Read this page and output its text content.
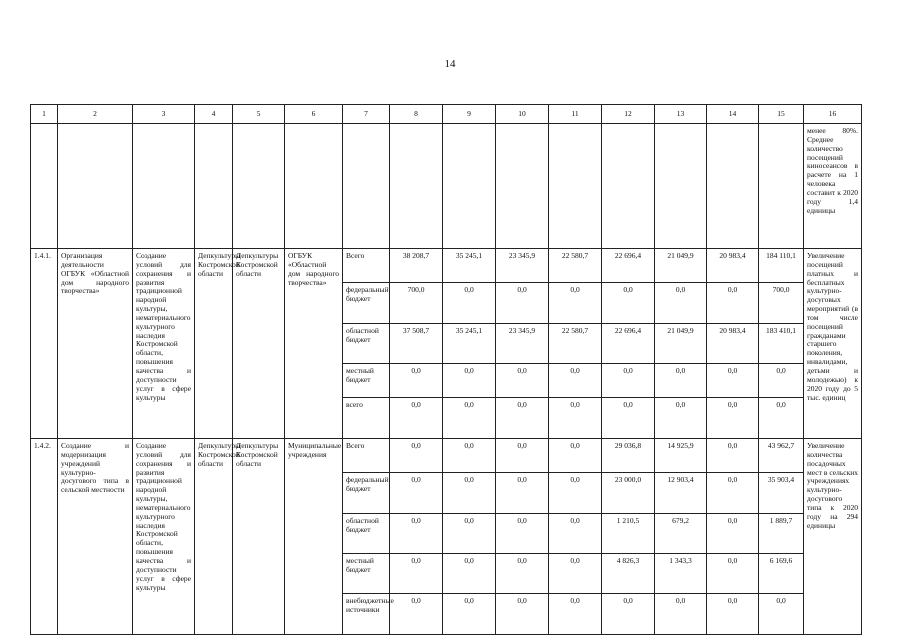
14
1	2	3	4	5	6	7	8	9	10	11	12	13	14	15	16
															менее 80%. Среднее количество посещений киносеансов в расчете на 1 человека составит к 2020 году 1,4 единицы
1.4.1.	Организация деятельности ОГБУК «Областной дом народного творчества»	Создание условий для сохранения и развития традиционной народной культуры, нематериального культурного наследия Костромской области, повышения качества и доступности услуг в сфере культуры	Депкультуры Костромской области	Депкультуры Костромской области	ОГБУК «Областной дом народного творчества»	Всего	38 208,7	35 245,1	23 345,9	22 580,7	22 696,4	21 049,9	20 983,4	184 110,1	Увеличение посещений платных и бесплатных культурно-досуговых мероприятий (в том числе посещений гражданами старшего поколения, инвалидами, детьми и молодежью) к 2020 году до 5 тыс. единиц
						федеральный бюджет	700,0	0,0	0,0	0,0	0,0	0,0	0,0	700,0	
						областной бюджет	37 508,7	35 245,1	23 345,9	22 580,7	22 696,4	21 049,9	20 983,4	183 410,1	
						местный бюджет	0,0	0,0	0,0	0,0	0,0	0,0	0,0	0,0	
						всего	0,0	0,0	0,0	0,0	0,0	0,0	0,0	0,0	
1.4.2.	Создание и модернизация учреждений культурно-досугового типа в сельской местности	Создание условий для сохранения и развития традиционной народной культуры, нематериального культурного наследия Костромской области, повышения качества и доступности услуг в сфере культуры	Депкультуры Костромской области	Депкультуры Костромской области	Муниципальные учреждения	Всего	0,0	0,0	0,0	0,0	29 036,8	14 925,9	0,0	43 962,7	Увеличение количества посадочных мест в сельских учреждениях культурно-досугового типа к 2020 году на 294 единицы
						федеральный бюджет	0,0	0,0	0,0	0,0	23 000,0	12 903,4	0,0	35 903,4	
						областной бюджет	0,0	0,0	0,0	0,0	1 210,5	679,2	0,0	1 889,7	
						местный бюджет	0,0	0,0	0,0	0,0	4 826,3	1 343,3	0,0	6 169,6	
						внебюджетные источники	0,0	0,0	0,0	0,0	0,0	0,0	0,0	0,0	
